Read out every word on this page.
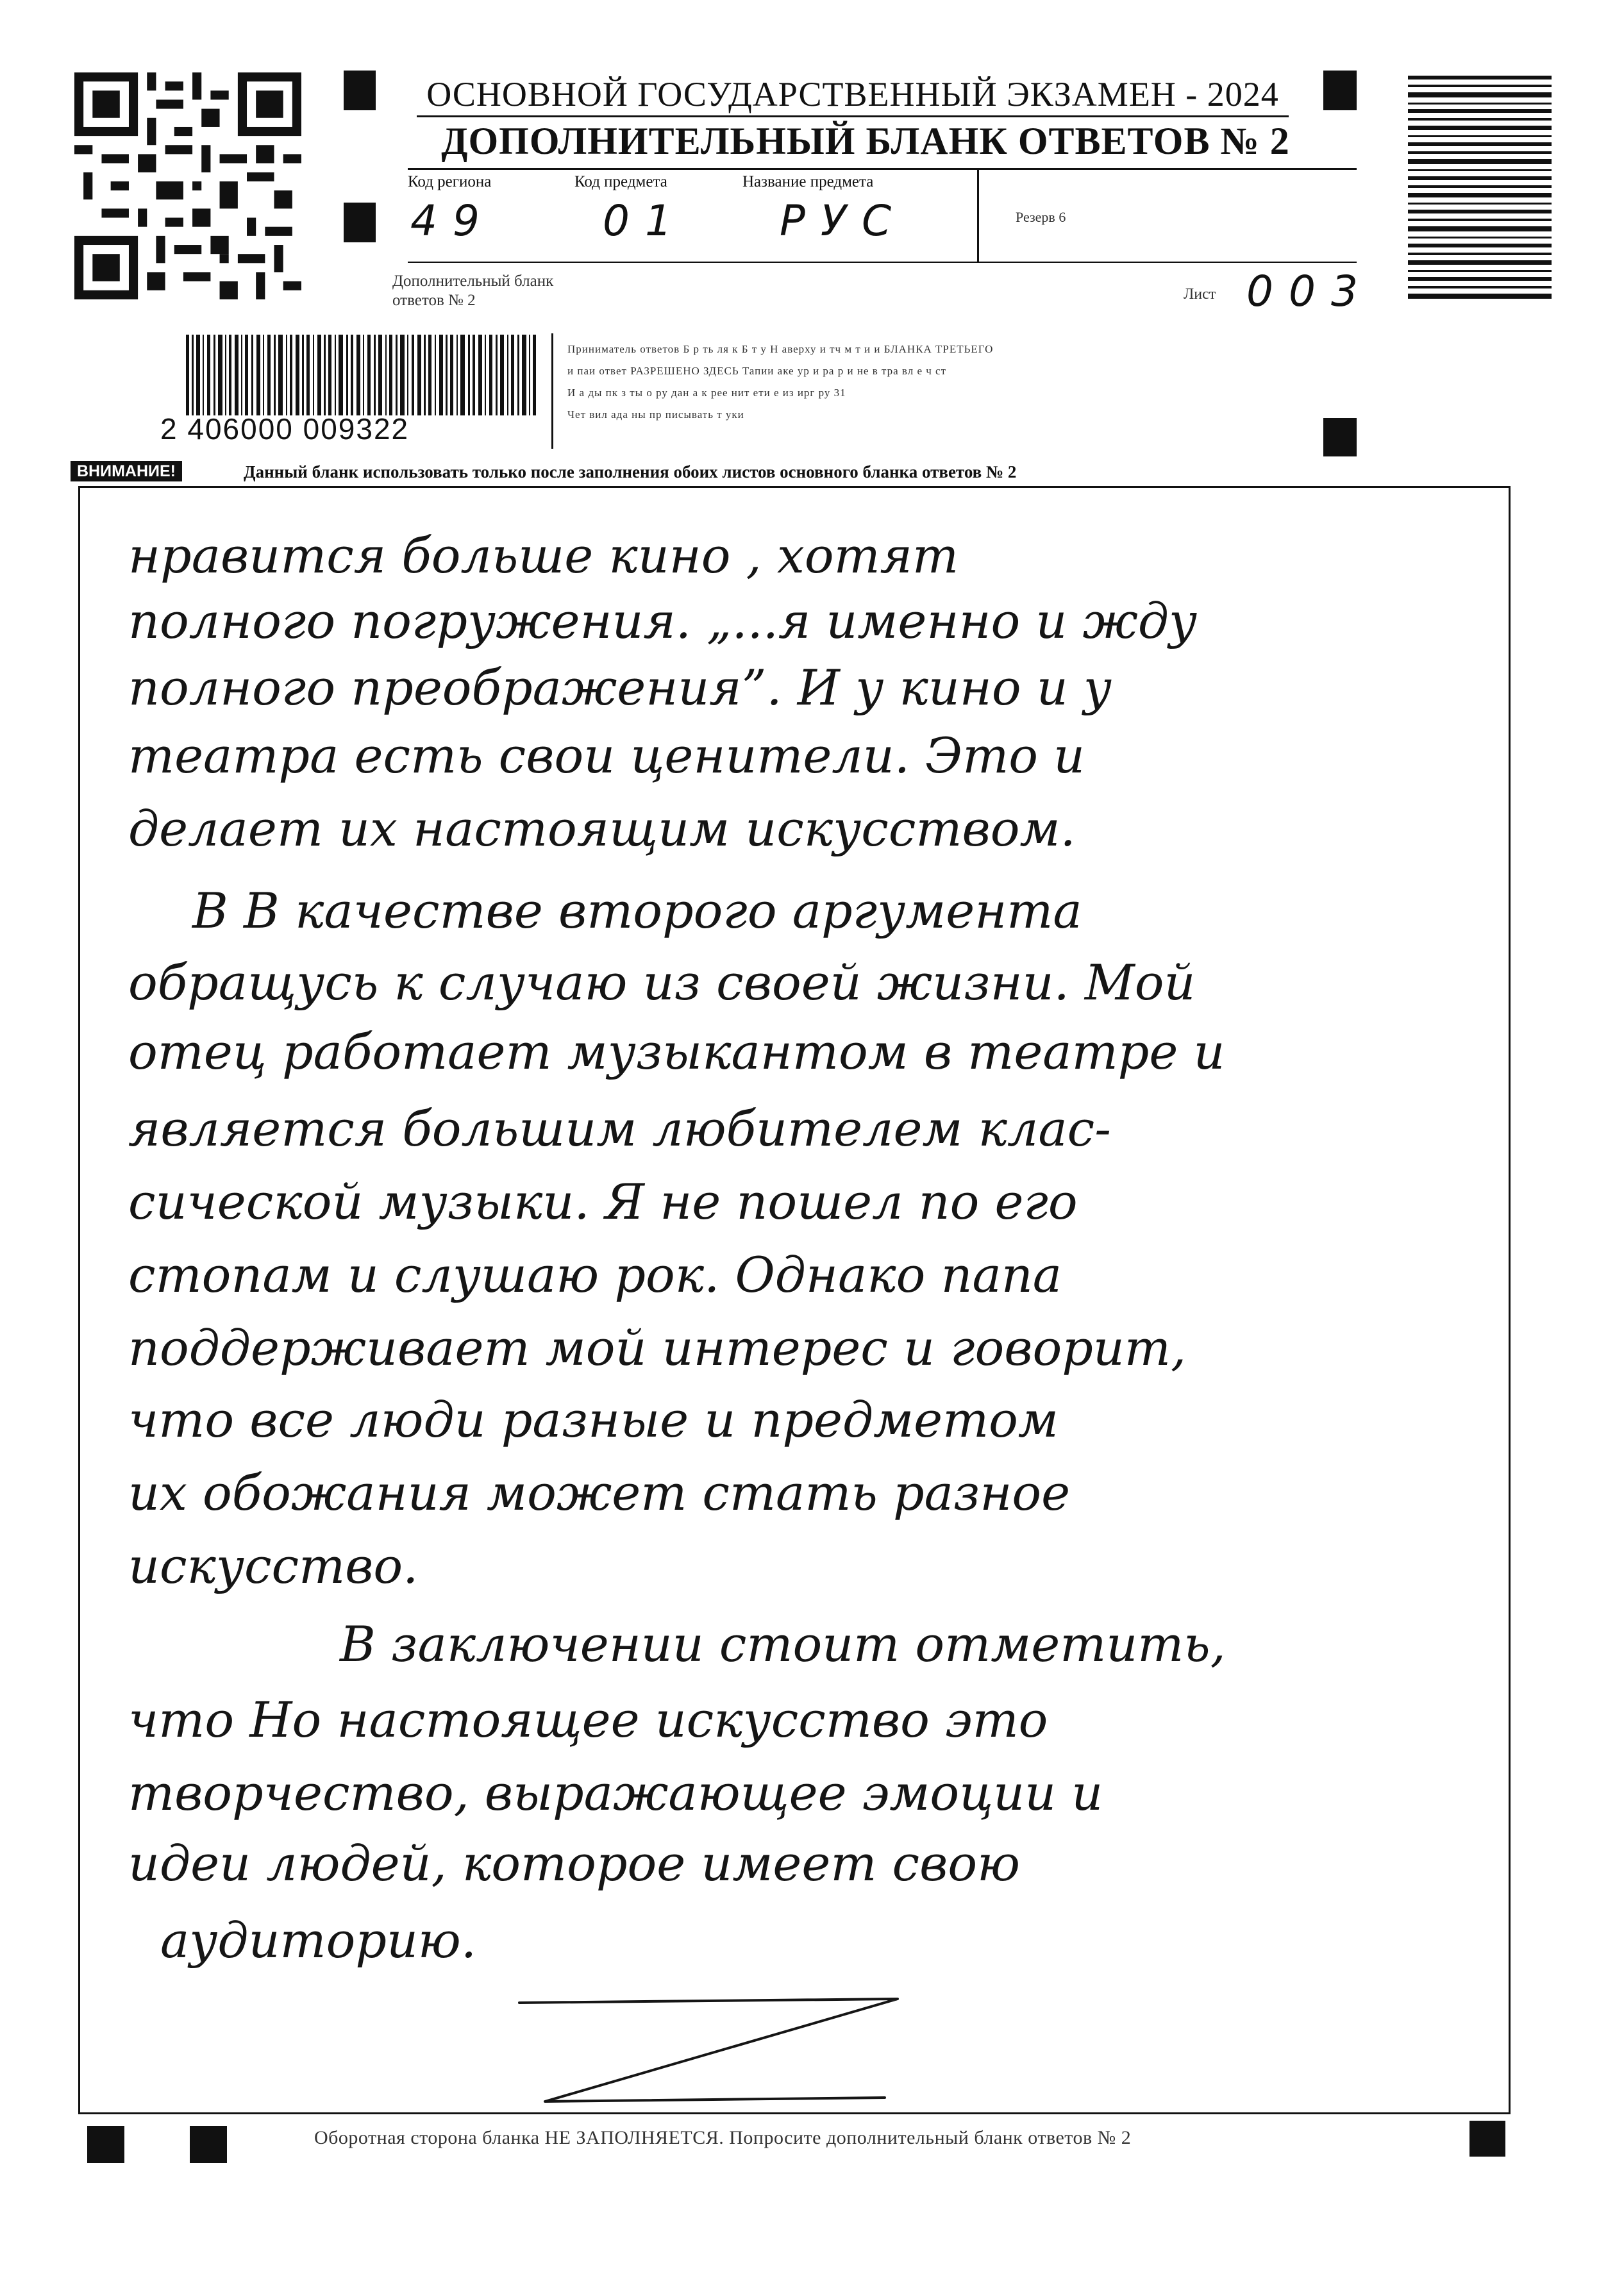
ОСНОВНОЙ ГОСУДАРСТВЕННЫЙ ЭКЗАМЕН - 2024
ДОПОЛНИТЕЛЬНЫЙ БЛАНК ОТВЕТОВ № 2
Код региона
49
Код предмета
01
Название предмета
РУС	Резерв 6
Дополнительный бланк ответов № 2	Лист 003
2 406000 009322
Приниматель ответов Б р ть ля к Б т у Н аверху и тч м т и и БЛАНКА ТРЕТЬЕГО
и паи ответ РАЗРЕШЕНО ЗДЕСЬ Тапии аке ур и ра р и не в тра вл е ч ст
И а ды пк з ты о ру дан а к рее нит ети е из ирг ру 31
Чет вил ада ны пр писывать т уки
ВНИМАНИЕ!	Данный бланк использовать только после заполнения обоих листов основного бланка ответов № 2
нравится больше кино , хотят
полного погружения. „...я именно и жду
полного преображения”. И у кино и у
театра есть свои ценители. Это и
делает их настоящим искусством.
В В качестве второго аргумента
обращусь к случаю из своей жизни. Мой
отец работает музыкантом в театре и
является большим любителем клас-
сической музыки. Я не пошел по его
стопам и слушаю рок. Однако папа
поддерживает мой интерес и говорит,
что все люди разные и предметом
их обожания может стать разное
искусство.
В заключении стоит отметить,
что Но настоящее искусство это
творчество, выражающее эмоции и
идеи людей, которое имеет свою
аудиторию.
Оборотная сторона бланка НЕ ЗАПОЛНЯЕТСЯ. Попросите дополнительный бланк ответов № 2
